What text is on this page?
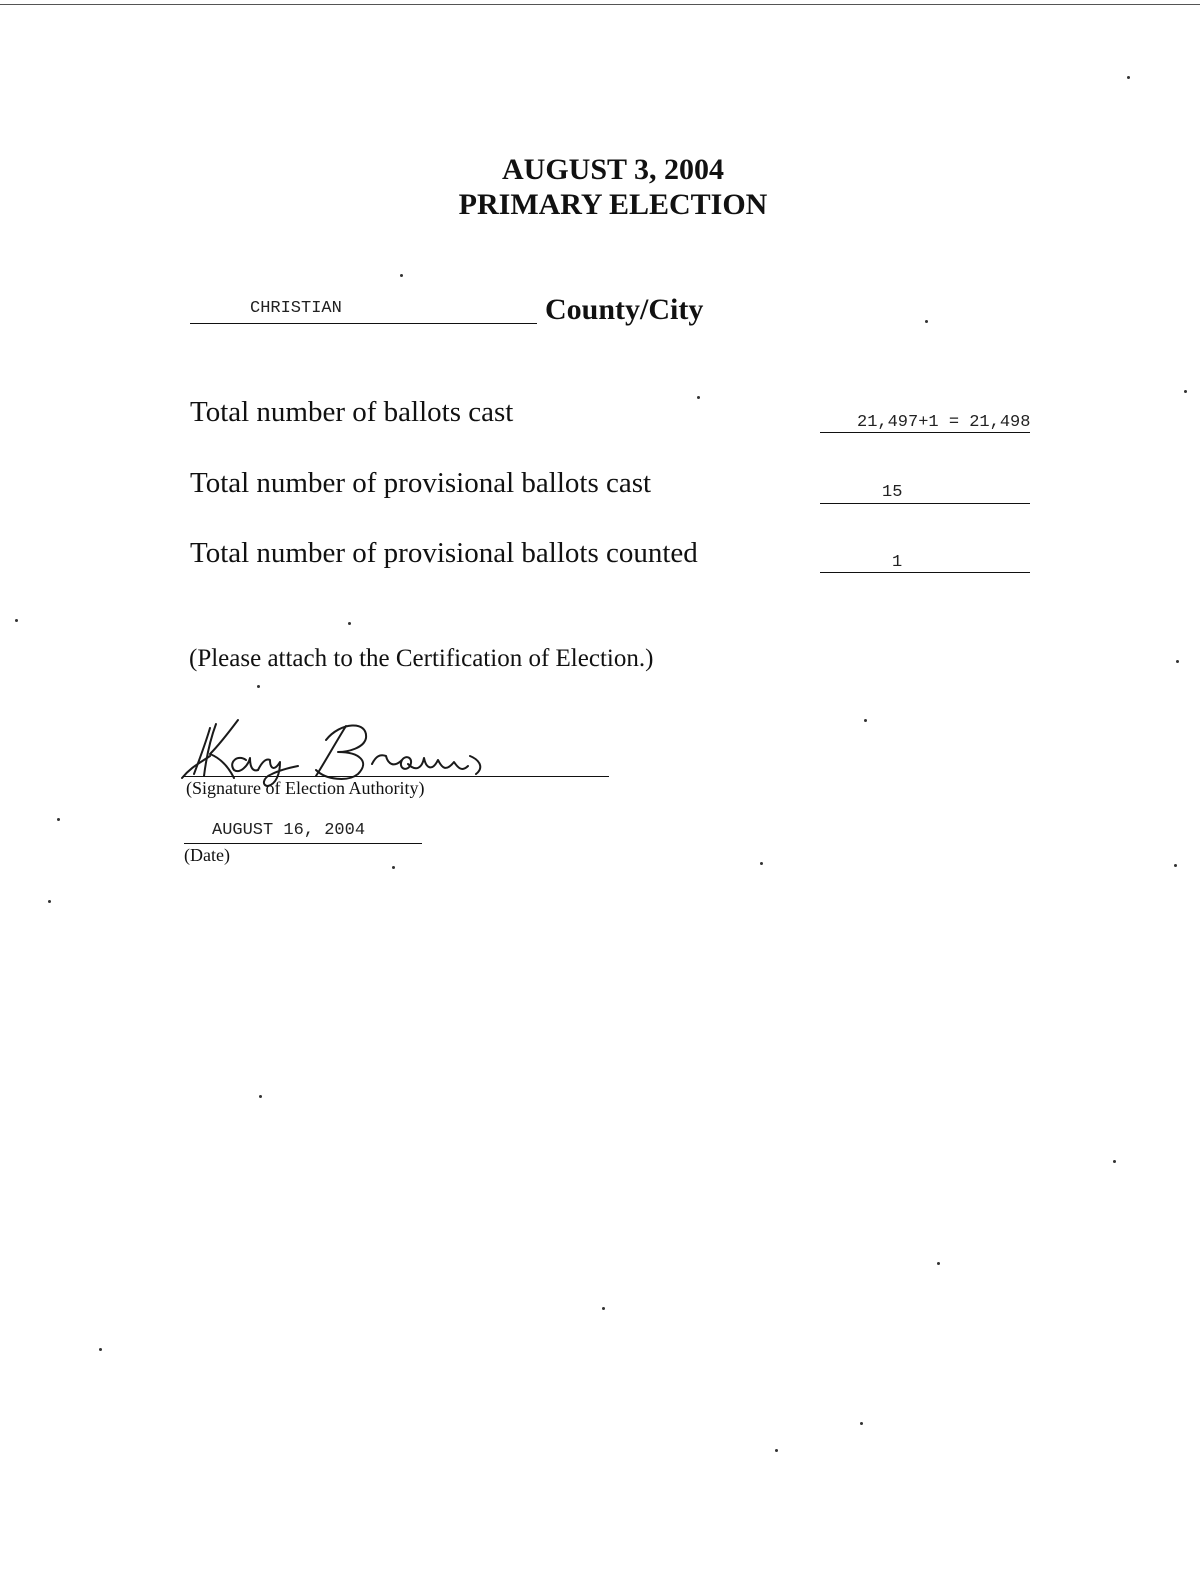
AUGUST 3, 2004
PRIMARY ELECTION
CHRISTIAN	County/City
Total number of ballots cast	21,497+1 = 21,498
Total number of provisional ballots cast	15
Total number of provisional ballots counted	1
(Please attach to the Certification of Election.)
(Signature of Election Authority)
AUGUST 16, 2004
(Date)
